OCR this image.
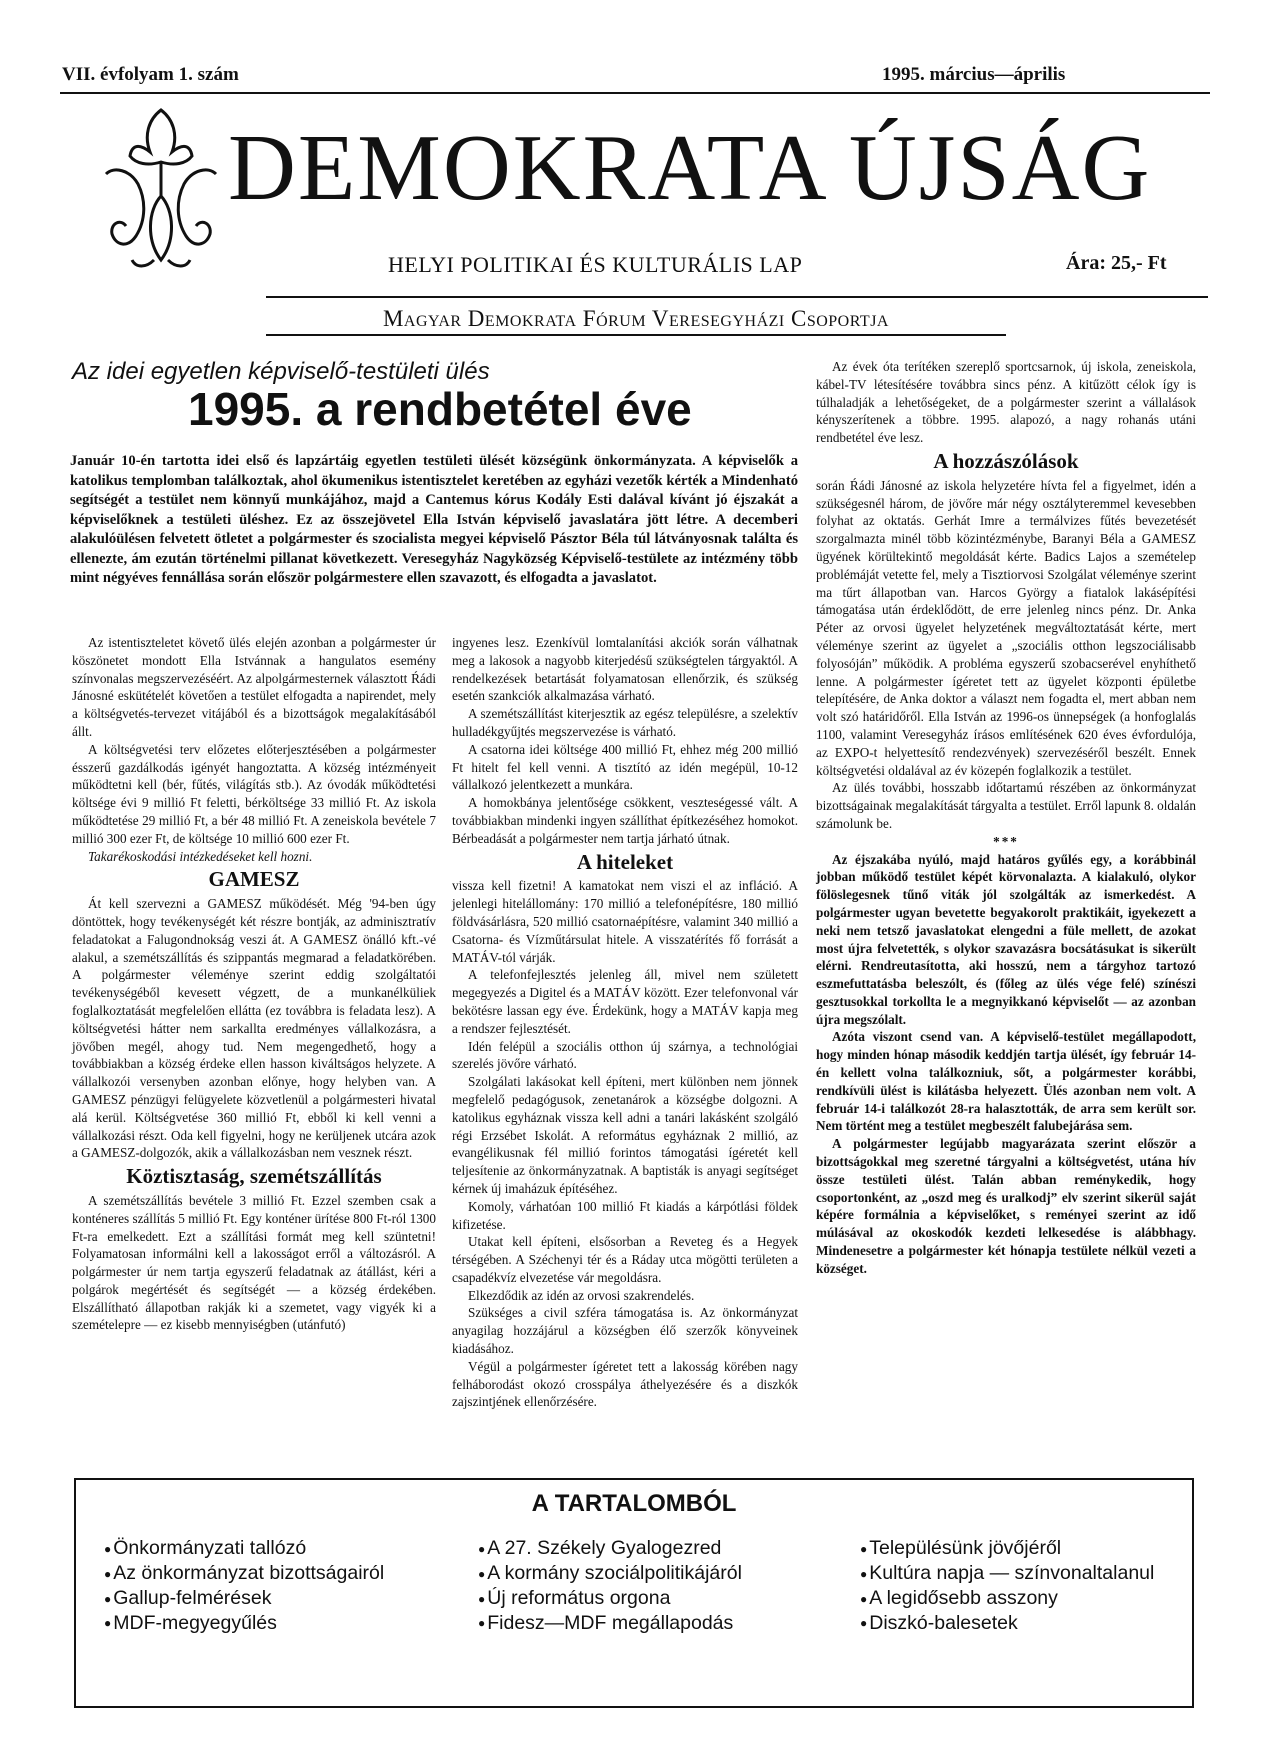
VII. évfolyam 1. szám	1995. március—április
DEMOKRATA ÚJSÁG
HELYI POLITIKAI ÉS KULTURÁLIS LAP	Ára: 25,- Ft
Magyar Demokrata Fórum Veresegyházi Csoportja
Az idei egyetlen képviselő-testületi ülés
1995. a rendbetétel éve
Január 10-én tartotta idei első és lapzártáig egyetlen testületi ülését községünk önkormányzata. A képviselők a katolikus templomban találkoztak, ahol ökumenikus istentisztelet keretében az egyházi vezetők kérték a Mindenható segítségét a testület nem könnyű munkájához, majd a Cantemus kórus Kodály Esti dalával kívánt jó éjszakát a képviselőknek a testületi üléshez. Ez az összejövetel Ella István képviselő javaslatára jött létre. A decemberi alakulóülésen felvetett ötletet a polgármester és szocialista megyei képviselő Pásztor Béla túl látványosnak találta és ellenezte, ám ezután történelmi pillanat következett. Veresegyház Nagyközség Képviselő-testülete az intézmény több mint négyéves fennállása során először polgármestere ellen szavazott, és elfogadta a javaslatot.

Az istentiszteletet követő ülés elején azonban a polgármester úr köszönetet mondott Ella Istvánnak a hangulatos esemény színvonalas megszervezéséért. Az alpolgármesternek választott Ŕádi Jánosné eskütételét követően a testület elfogadta a napirendet, mely a költségvetés-tervezet vitájából és a bizottságok megalakításából állt.

A költségvetési terv előzetes előterjesztésében a polgármester ésszerű gazdálkodás igényét hangoztatta. A község intézményeit működtetni kell (bér, fűtés, világítás stb.). Az óvodák működtetési költsége évi 9 millió Ft feletti, bérköltsége 33 millió Ft. Az iskola működtetése 29 millió Ft, a bér 48 millió Ft. A zeneiskola bevétele 7 millió 300 ezer Ft, de költsége 10 millió 600 ezer Ft.

Takarékoskodási intézkedéseket kell hozni.

GAMESZ

Át kell szervezni a GAMESZ működését. Még '94-ben úgy döntöttek, hogy tevékenységét két részre bontják, az adminisztratív feladatokat a Falugondnokság veszi át. A GAMESZ önálló kft.-vé alakul, a szemétszállítás és szippantás megmarad a feladatkörében. A polgármester véleménye szerint eddig szolgáltatói tevékenységéből kevesett végzett, de a munkanélküliek foglalkoztatását megfelelően ellátta (ez továbbra is feladata lesz). A költségvetési hátter nem sarkallta eredményes vállalkozásra, a jövőben megél, ahogy tud. Nem megengedhető, hogy a továbbiakban a község érdeke ellen hasson kiváltságos helyzete. A vállalkozói versenyben azonban előnye, hogy helyben van. A GAMESZ pénzügyi felügyelete közvetlenül a polgármesteri hivatal alá kerül. Költségvetése 360 millió Ft, ebből ki kell venni a vállalkozási részt. Oda kell figyelni, hogy ne kerüljenek utcára azok a GAMESZ-dolgozók, akik a vállalkozásban nem vesznek részt.

Köztisztaság, szemétszállítás

A szemétszállítás bevétele 3 millió Ft. Ezzel szemben csak a konténeres szállítás 5 millió Ft. Egy konténer ürítése 800 Ft-ról 1300 Ft-ra emelkedett. Ezt a szállítási formát meg kell szüntetni! Folyamatosan informálni kell a lakosságot erről a változásról. A polgármester úr nem tartja egyszerű feladatnak az átállást, kéri a polgárok megértését és segítségét — a község érdekében. Elszállítható állapotban rakják ki a szemetet, vagy vigyék ki a szemételepre — ez kisebb mennyiségben (utánfutó)

ingyenes lesz. Ezenkívül lomtalanítási akciók során válhatnak meg a lakosok a nagyobb kiterjedésű szükségtelen tárgyaktól. A rendelkezések betartását folyamatosan ellenőrzik, és szükség esetén szankciók alkalmazása várható.

A szemétszállítást kiterjesztik az egész településre, a szelektív hulladékgyűjtés megszervezése is várható.

A csatorna idei költsége 400 millió Ft, ehhez még 200 millió Ft hitelt fel kell venni. A tisztító az idén megépül, 10-12 vállalkozó jelentkezett a munkára.

A homokbánya jelentősége csökkent, veszteségessé vált. A továbbiakban mindenki ingyen szállíthat építkezéséhez homokot. Bérbeadását a polgármester nem tartja járható útnak.

A hiteleket

vissza kell fizetni! A kamatokat nem viszi el az infláció. A jelenlegi hitelállomány: 170 millió a telefonépítésre, 180 millió földvásárlásra, 520 millió csatornaépítésre, valamint 340 millió a Csatorna- és Vízműtársulat hitele. A visszatérítés fő forrását a MATÁV-tól várják.

A telefonfejlesztés jelenleg áll, mivel nem született megegyezés a Digitel és a MATÁV között. Ezer telefonvonal vár bekötésre lassan egy éve. Érdekünk, hogy a MATÁV kapja meg a rendszer fejlesztését.

Idén felépül a szociális otthon új szárnya, a technológiai szerelés jövőre várható.

Szolgálati lakásokat kell építeni, mert különben nem jönnek megfelelő pedagógusok, zenetanárok a községbe dolgozni. A katolikus egyháznak vissza kell adni a tanári lakásként szolgáló régi Erzsébet Iskolát. A református egyháznak 2 millió, az evangélikusnak fél millió forintos támogatási ígéretét kell teljesítenie az önkormányzatnak. A baptisták is anyagi segítséget kérnek új imaházuk építéséhez.

Komoly, várhatóan 100 millió Ft kiadás a kárpótlási földek kifizetése.

Utakat kell építeni, elsősorban a Reveteg és a Hegyek térségében. A Széchenyi tér és a Ráday utca mögötti területen a csapadékvíz elvezetése vár megoldásra.

Elkezdődik az idén az orvosi szakrendelés.

Szükséges a civil szféra támogatása is. Az önkormányzat anyagilag hozzájárul a községben élő szerzők könyveinek kiadásához.

Végül a polgármester ígéretet tett a lakosság körében nagy felháborodást okozó crosspálya áthelyezésére és a diszkók zajszintjének ellenőrzésére.

Az évek óta terítéken szereplő sportcsarnok, új iskola, zeneiskola, kábel-TV létesítésére továbbra sincs pénz. A kitűzött célok így is túlhaladják a lehetőségeket, de a polgármester szerint a vállalások kényszerítenek a többre. 1995. alapozó, a nagy rohanás utáni rendbetétel éve lesz.

A hozzászólások

során Ŕádi Jánosné az iskola helyzetére hívta fel a figyelmet, idén a szükségesnél három, de jövőre már négy osztályteremmel kevesebben folyhat az oktatás. Gerhát Imre a termálvizes fűtés bevezetését szorgalmazta minél több közintézménybe, Baranyi Béla a GAMESZ ügyének körültekintő megoldását kérte. Badics Lajos a szemételep problémáját vetette fel, mely a Tisztiorvosi Szolgálat véleménye szerint ma tűrt állapotban van. Harcos György a fiatalok lakásépítési támogatása után érdeklődött, de erre jelenleg nincs pénz. Dr. Anka Péter az orvosi ügyelet helyzetének megváltoztatását kérte, mert véleménye szerint az ügyelet a „szociális otthon legszociálisabb folyosóján” működik. A probléma egyszerű szobacserével enyhíthető lenne. A polgármester ígéretet tett az ügyelet központi épületbe telepítésére, de Anka doktor a választ nem fogadta el, mert abban nem volt szó határidőről. Ella István az 1996-os ünnepségek (a honfoglalás 1100, valamint Veresegyház írásos említésének 620 éves évfordulója, az EXPO-t helyettesítő rendezvények) szervezéséről beszélt. Ennek költségvetési oldalával az év közepén foglalkozik a testület.

Az ülés további, hosszabb időtartamú részében az önkormányzat bizottságainak megalakítását tárgyalta a testület. Erről lapunk 8. oldalán számolunk be.

***

Az éjszakába nyúló, majd határos gyűlés egy, a korábbinál jobban működő testület képét körvonalazta. A kialakuló, olykor fölöslegesnek tűnő viták jól szolgálták az ismerkedést. A polgármester ugyan bevetette begyakorolt praktikáit, igyekezett a neki nem tetsző javaslatokat elengedni a füle mellett, de azokat most újra felvetették, s olykor szavazásra bocsátásukat is sikerült elérni. Rendreutasította, aki hosszú, nem a tárgyhoz tartozó eszmefuttatásba beleszólt, és (főleg az ülés vége felé) színészi gesztusokkal torkollta le a megnyikkanó képviselőt — az azonban újra megszólalt.

Azóta viszont csend van. A képviselő-testület megállapodott, hogy minden hónap második keddjén tartja ülését, így február 14-én kellett volna találkozniuk, sőt, a polgármester korábbi, rendkívüli ülést is kilátásba helyezett. Ülés azonban nem volt. A február 14-i találkozót 28-ra halasztották, de arra sem került sor. Nem történt meg a testület megbeszélt falubejárása sem.

A polgármester legújabb magyarázata szerint először a bizottságokkal meg szeretné tárgyalni a költségvetést, utána hív össze testületi ülést. Talán abban reménykedik, hogy csoportonként, az „oszd meg és uralkodj” elv szerint sikerül saját képére formálnia a képviselőket, s reményei szerint az idő múlásával az okoskodók kezdeti lelkesedése is alábbhagy. Mindenesetre a polgármester két hónapja testülete nélkül vezeti a községet.

A TARTALOMBÓL
● Önkormányzati tallózó
● Az önkormányzat bizottságairól
● Gallup-felmérések
● MDF-megyegyűlés
● A 27. Székely Gyalogezred
● A kormány szociálpolitikájáról
● Új református orgona
● Fidesz—MDF megállapodás
● Településünk jövőjéről
● Kultúra napja — színvonaltalanul
● A legidősebb asszony
● Diszkó-balesetek
